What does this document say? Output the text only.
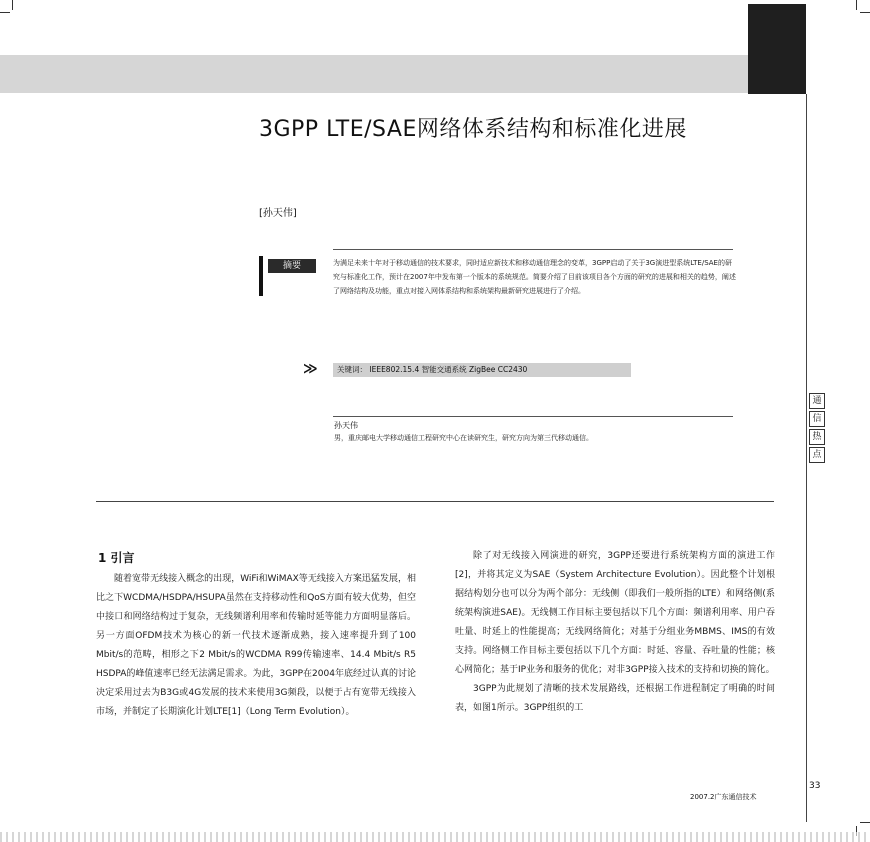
3GPP LTE/SAE网络体系结构和标准化进展
[孙天伟]
摘要	为满足未来十年对于移动通信的技术要求，同时适应新技术和移动通信理念的变革，3GPP启动了关于3G演进型系统LTE/SAE的研究与标准化工作，预计在2007年中发布第一个版本的系统规范。简要介绍了目前该项目各个方面的研究的进展和相关的趋势，阐述了网络结构及功能，重点对接入网体系结构和系统架构最新研究进展进行了介绍。
≫	关键词： IEEE802.15.4 智能交通系统 ZigBee CC2430
孙天伟
男，重庆邮电大学移动通信工程研究中心在读研究生，研究方向为第三代移动通信。
1 引言

随着宽带无线接入概念的出现，WiFi和WiMAX等无线接入方案迅猛发展，相比之下WCDMA/HSDPA/HSUPA虽然在支持移动性和QoS方面有较大优势，但空中接口和网络结构过于复杂，无线频谱利用率和传输时延等能力方面明显落后。另一方面OFDM技术为核心的新一代技术逐渐成熟，接入速率提升到了100 Mbit/s的范畴，相形之下2 Mbit/s的WCDMA R99传输速率、14.4 Mbit/s R5 HSDPA的峰值速率已经无法满足需求。为此，3GPP在2004年底经过认真的讨论决定采用过去为B3G或4G发展的技术来使用3G频段，以便于占有宽带无线接入市场，并制定了长期演化计划LTE[1]（Long Term Evolution）。

除了对无线接入网演进的研究，3GPP还要进行系统架构方面的演进工作[2]，并将其定义为SAE（System Architecture Evolution）。因此整个计划根据结构划分也可以分为两个部分：无线侧（即我们一般所指的LTE）和网络侧(系统架构演进SAE)。无线侧工作目标主要包括以下几个方面：频谱利用率、用户吞吐量、时延上的性能提高；无线网络简化；对基于分组业务MBMS、IMS的有效支持。网络侧工作目标主要包括以下几个方面：时延、容量、吞吐量的性能；核心网简化；基于IP业务和服务的优化；对非3GPP接入技术的支持和切换的简化。

3GPP为此规划了清晰的技术发展路线，还根据工作进程制定了明确的时间表，如图1所示。3GPP组织的工

通
信
热
点
33
2007.2广东通信技术
